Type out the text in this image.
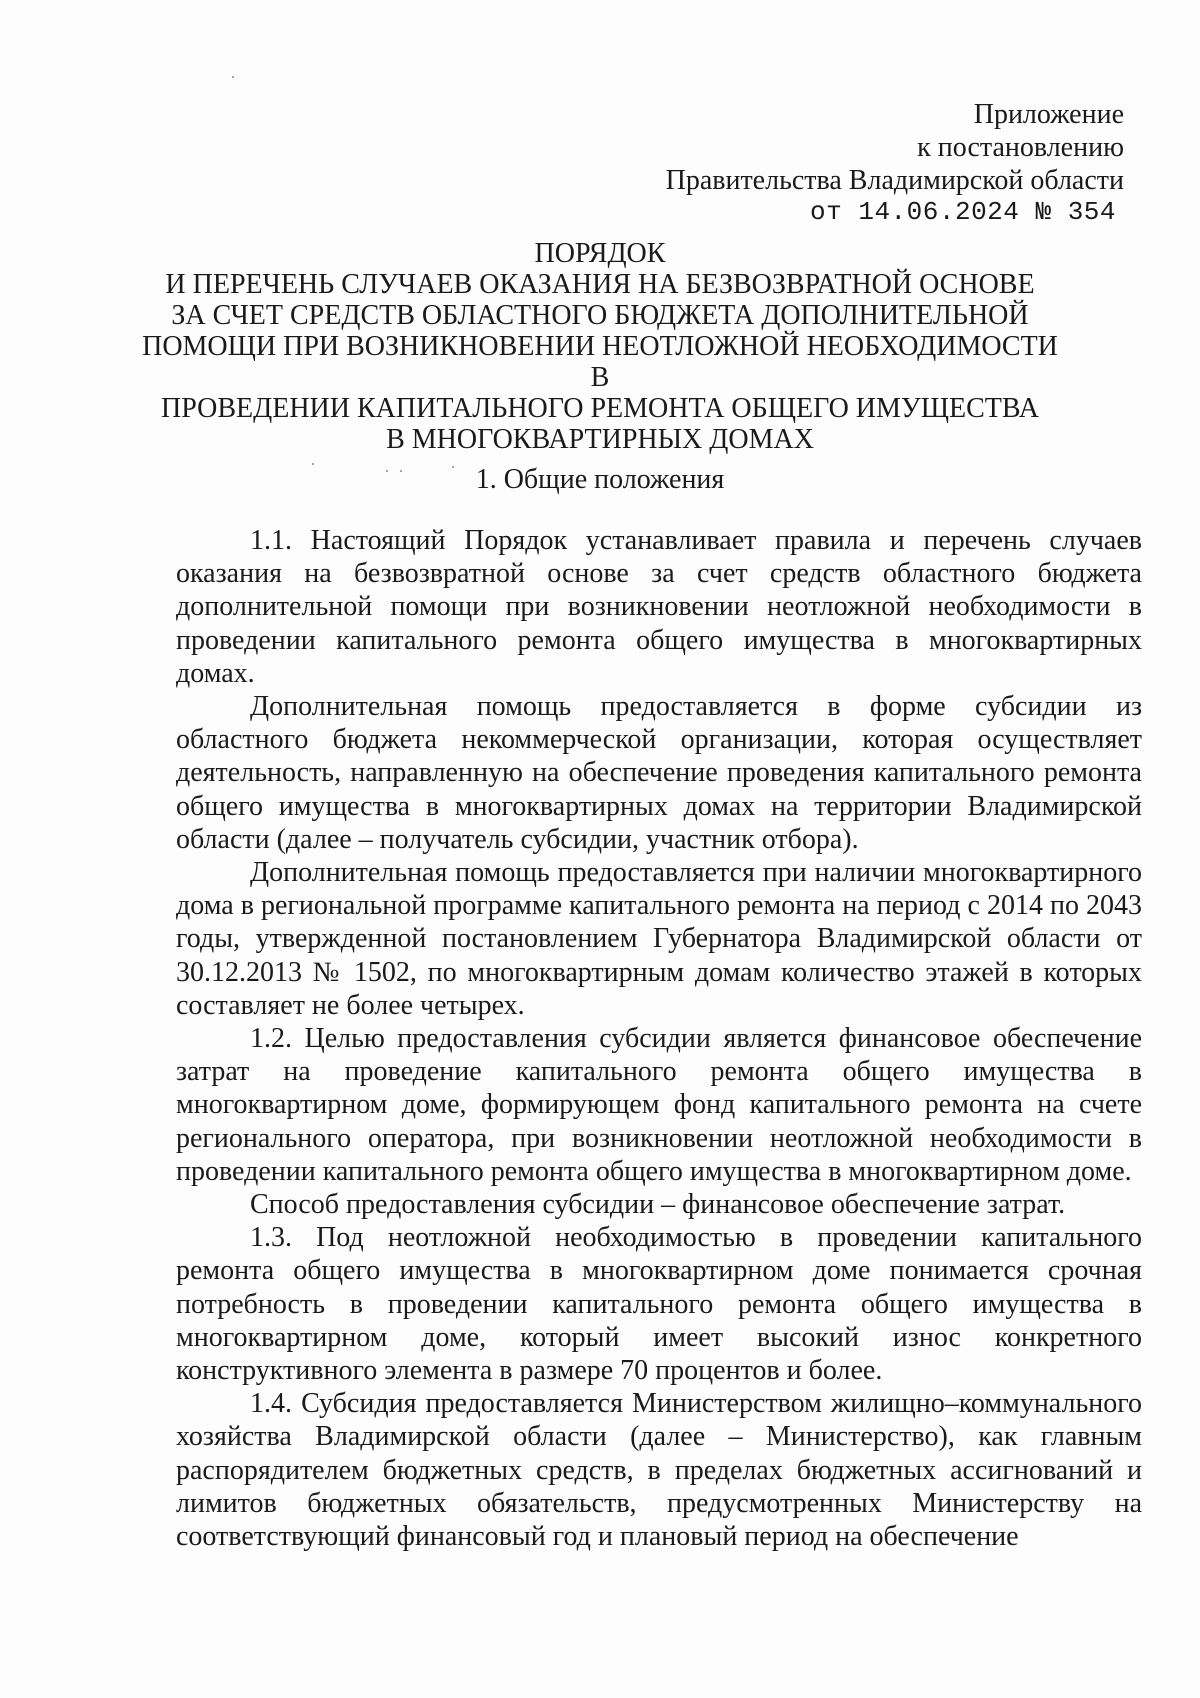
Приложение
к постановлению
Правительства Владимирской области
от 14.06.2024 № 354
ПОРЯДОК
И ПЕРЕЧЕНЬ СЛУЧАЕВ ОКАЗАНИЯ НА БЕЗВОЗВРАТНОЙ ОСНОВЕ
ЗА СЧЕТ СРЕДСТВ ОБЛАСТНОГО БЮДЖЕТА ДОПОЛНИТЕЛЬНОЙ
ПОМОЩИ ПРИ ВОЗНИКНОВЕНИИ НЕОТЛОЖНОЙ НЕОБХОДИМОСТИ В
ПРОВЕДЕНИИ КАПИТАЛЬНОГО РЕМОНТА ОБЩЕГО ИМУЩЕСТВА
В МНОГОКВАРТИРНЫХ ДОМАХ
1. Общие положения

1.1. Настоящий Порядок устанавливает правила и перечень случаев оказания на безвозвратной основе за счет средств областного бюджета дополнительной помощи при возникновении неотложной необходимости в проведении капитального ремонта общего имущества в многоквартирных домах.

Дополнительная помощь предоставляется в форме субсидии из областного бюджета некоммерческой организации, которая осуществляет деятельность, направленную на обеспечение проведения капитального ремонта общего имущества в многоквартирных домах на территории Владимирской области (далее – получатель субсидии, участник отбора).

Дополнительная помощь предоставляется при наличии многоквартирного дома в региональной программе капитального ремонта на период с 2014 по 2043 годы, утвержденной постановлением Губернатора Владимирской области от 30.12.2013 № 1502, по многоквартирным домам количество этажей в которых составляет не более четырех.

1.2. Целью предоставления субсидии является финансовое обеспечение затрат на проведение капитального ремонта общего имущества в многоквартирном доме, формирующем фонд капитального ремонта на счете регионального оператора, при возникновении неотложной необходимости в проведении капитального ремонта общего имущества в многоквартирном доме.

Способ предоставления субсидии – финансовое обеспечение затрат.

1.3. Под неотложной необходимостью в проведении капитального ремонта общего имущества в многоквартирном доме понимается срочная потребность в проведении капитального ремонта общего имущества в многоквартирном доме, который имеет высокий износ конкретного конструктивного элемента в размере 70 процентов и более.

1.4. Субсидия предоставляется Министерством жилищно–коммунального хозяйства Владимирской области (далее – Министерство), как главным распорядителем бюджетных средств, в пределах бюджетных ассигнований и лимитов бюджетных обязательств, предусмотренных Министерству на соответствующий финансовый год и плановый период на обеспечение
